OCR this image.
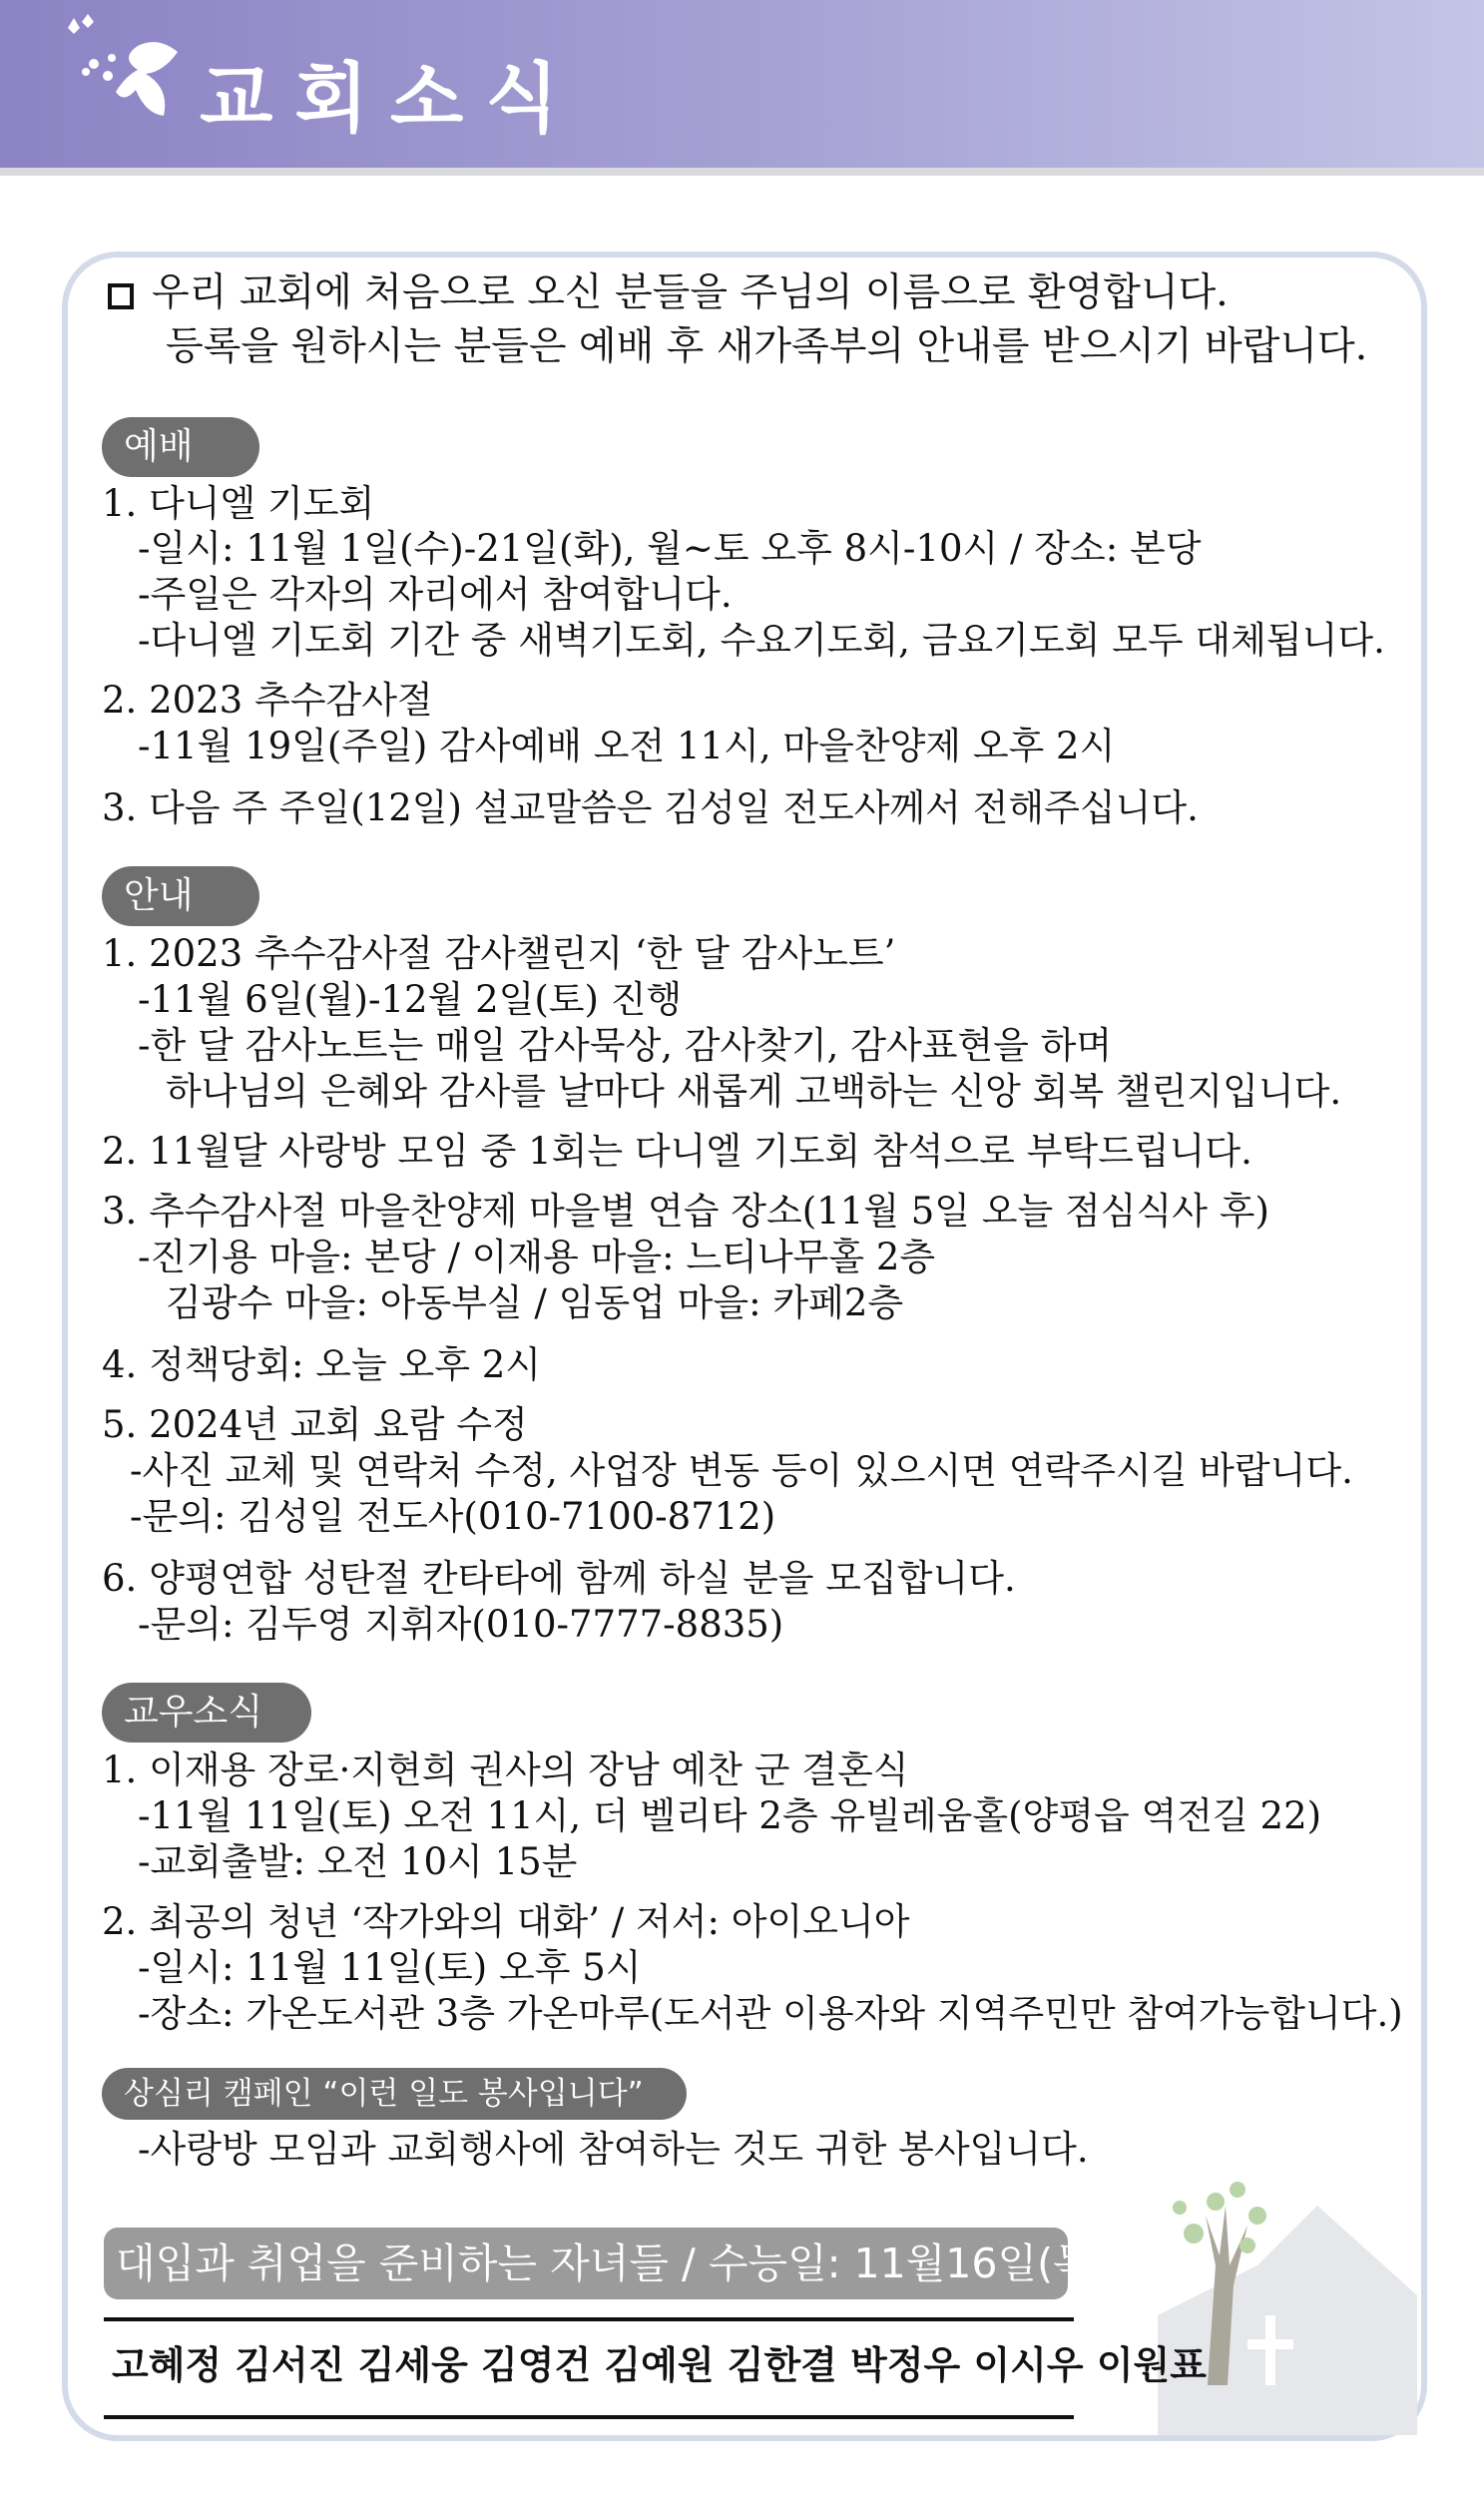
교회소식
우리 교회에 처음으로 오신 분들을 주님의 이름으로 환영합니다.
등록을 원하시는 분들은 예배 후 새가족부의 안내를 받으시기 바랍니다.
예배
1. 다니엘 기도회
-일시: 11월 1일(수)-21일(화), 월~토 오후 8시-10시 / 장소: 본당
-주일은 각자의 자리에서 참여합니다.
-다니엘 기도회 기간 중 새벽기도회, 수요기도회, 금요기도회 모두 대체됩니다.
2. 2023 추수감사절
-11월 19일(주일) 감사예배 오전 11시, 마을찬양제 오후 2시
3. 다음 주 주일(12일) 설교말씀은 김성일 전도사께서 전해주십니다.
안내
1. 2023 추수감사절 감사챌린지 ‘한 달 감사노트’
-11월 6일(월)-12월 2일(토) 진행
-한 달 감사노트는 매일 감사묵상, 감사찾기, 감사표현을 하며
하나님의 은혜와 감사를 날마다 새롭게 고백하는 신앙 회복 챌린지입니다.
2. 11월달 사랑방 모임 중 1회는 다니엘 기도회 참석으로 부탁드립니다.
3. 추수감사절 마을찬양제 마을별 연습 장소(11월 5일 오늘 점심식사 후)
-진기용 마을: 본당 / 이재용 마을: 느티나무홀 2층
김광수 마을: 아동부실 / 임동업 마을: 카페2층
4. 정책당회: 오늘 오후 2시
5. 2024년 교회 요람 수정
-사진 교체 및 연락처 수정, 사업장 변동 등이 있으시면 연락주시길 바랍니다.
-문의: 김성일 전도사(010-7100-8712)
6. 양평연합 성탄절 칸타타에 함께 하실 분을 모집합니다.
-문의: 김두영 지휘자(010-7777-8835)
교우소식
1. 이재용 장로·지현희 권사의 장남 예찬 군 결혼식
-11월 11일(토) 오전 11시, 더 벨리타 2층 유빌레움홀(양평읍 역전길 22)
-교회출발: 오전 10시 15분
2. 최공의 청년 ‘작가와의 대화’ / 저서: 아이오니아
-일시: 11월 11일(토) 오후 5시
-장소: 가온도서관 3층 가온마루(도서관 이용자와 지역주민만 참여가능합니다.)
상심리 캠페인 “이런 일도 봉사입니다”
-사랑방 모임과 교회행사에 참여하는 것도 귀한 봉사입니다.
대입과 취업을 준비하는 자녀들 / 수능일: 11월16일(목)
고혜정 김서진 김세웅 김영건 김예원 김한결 박정우 이시우 이원표
